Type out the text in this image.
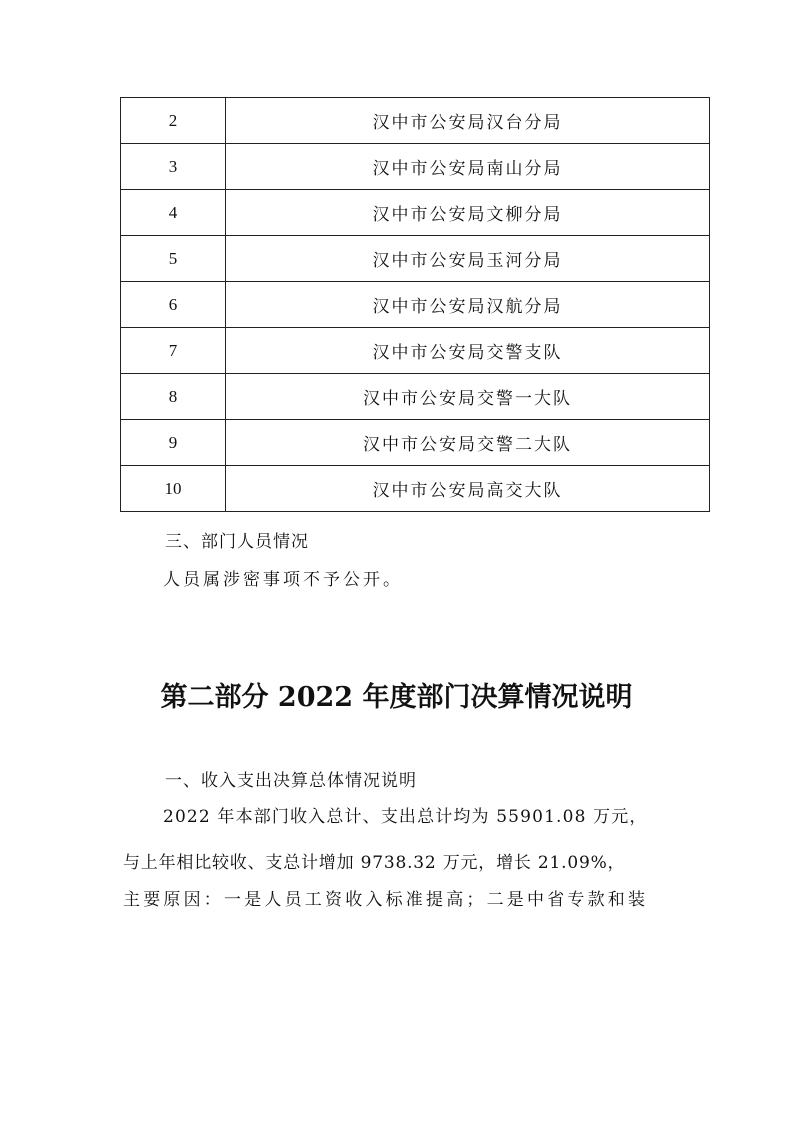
2	汉中市公安局汉台分局
3	汉中市公安局南山分局
4	汉中市公安局文柳分局
5	汉中市公安局玉河分局
6	汉中市公安局汉航分局
7	汉中市公安局交警支队
8	汉中市公安局交警一大队
9	汉中市公安局交警二大队
10	汉中市公安局高交大队
三、部门人员情况

人员属涉密事项不予公开。

第二部分 2022 年度部门决算情况说明
一、收入支出决算总体情况说明

2022 年本部门收入总计、支出总计均为 55901.08 万元，

与上年相比较收、支总计增加 9738.32 万元，增长 21.09%，

主要原因：一是人员工资收入标准提高；二是中省专款和装
